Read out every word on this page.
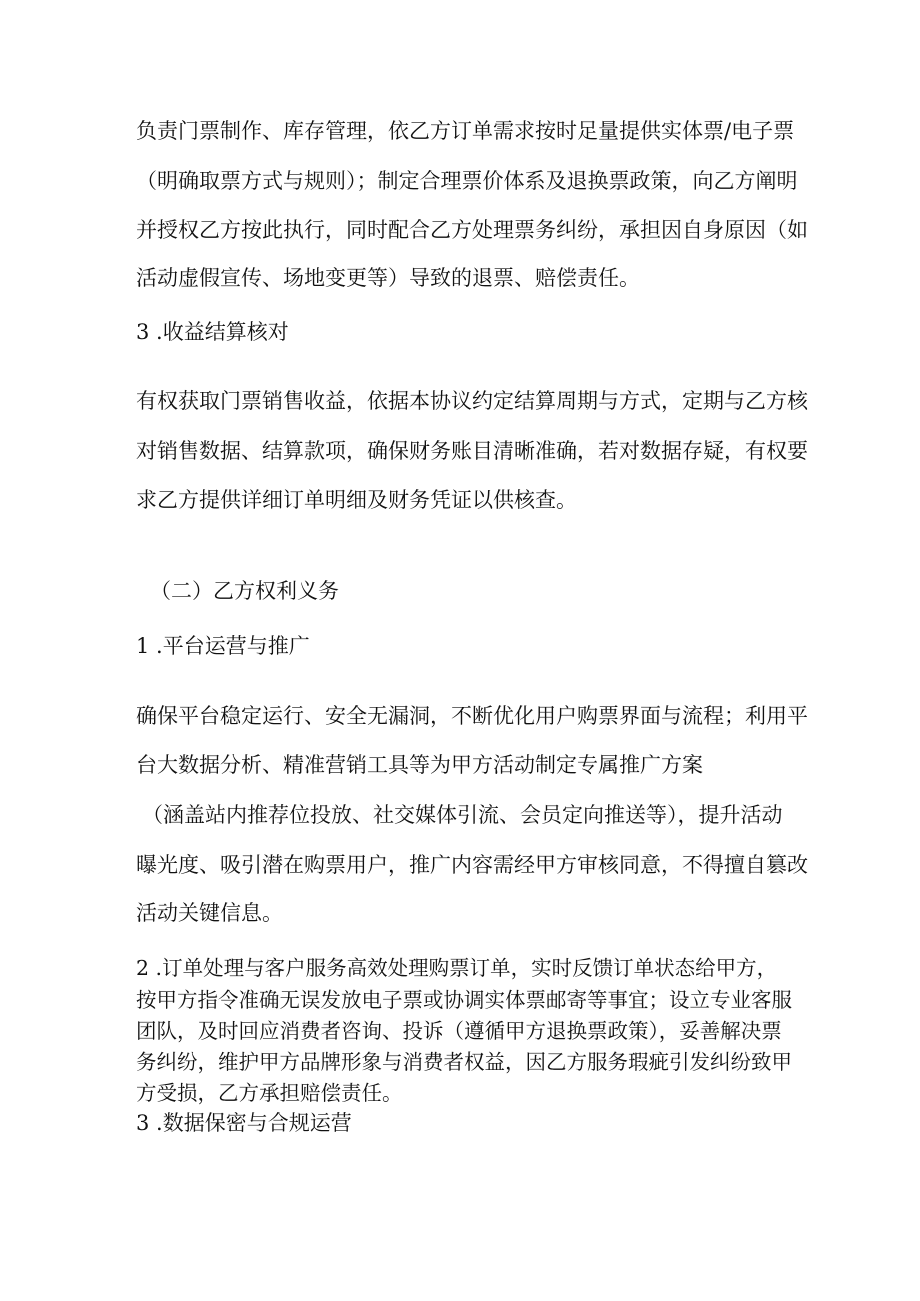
负责门票制作、库存管理，依乙方订单需求按时足量提供实体票/电子票

（明确取票方式与规则）；制定合理票价体系及退换票政策，向乙方阐明

并授权乙方按此执行，同时配合乙方处理票务纠纷，承担因自身原因（如

活动虚假宣传、场地变更等）导致的退票、赔偿责任。

3 .收益结算核对

有权获取门票销售收益，依据本协议约定结算周期与方式，定期与乙方核

对销售数据、结算款项，确保财务账目清晰准确，若对数据存疑，有权要

求乙方提供详细订单明细及财务凭证以供核查。

（二）乙方权利义务
1 .平台运营与推广

确保平台稳定运行、安全无漏洞，不断优化用户购票界面与流程；利用平

台大数据分析、精准营销工具等为甲方活动制定专属推广方案

（涵盖站内推荐位投放、社交媒体引流、会员定向推送等），提升活动

曝光度、吸引潜在购票用户，推广内容需经甲方审核同意，不得擅自篡改

活动关键信息。

2 .订单处理与客户服务高效处理购票订单，实时反馈订单状态给甲方，

按甲方指令准确无误发放电子票或协调实体票邮寄等事宜；设立专业客服

团队，及时回应消费者咨询、投诉（遵循甲方退换票政策），妥善解决票

务纠纷，维护甲方品牌形象与消费者权益，因乙方服务瑕疵引发纠纷致甲

方受损，乙方承担赔偿责任。

3 .数据保密与合规运营
